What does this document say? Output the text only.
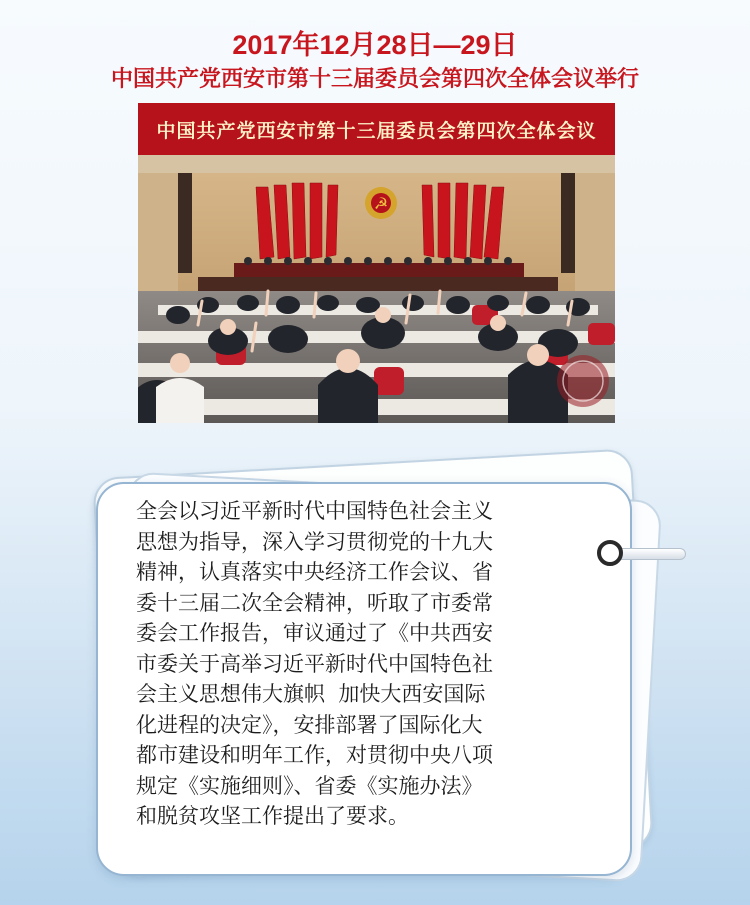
2017年12月28日—29日
中国共产党西安市第十三届委员会第四次全体会议举行
中国共产党西安市第十三届委员会第四次全体会议
☭

全会以习近平新时代中国特色社会主义
思想为指导，深入学习贯彻党的十九大
精神，认真落实中央经济工作会议、省
委十三届二次全会精神，听取了市委常
委会工作报告，审议通过了《中共西安
市委关于高举习近平新时代中国特色社
会主义思想伟大旗帜  加快大西安国际
化进程的决定》，安排部署了国际化大
都市建设和明年工作，对贯彻中央八项
规定《实施细则》、省委《实施办法》
和脱贫攻坚工作提出了要求。
